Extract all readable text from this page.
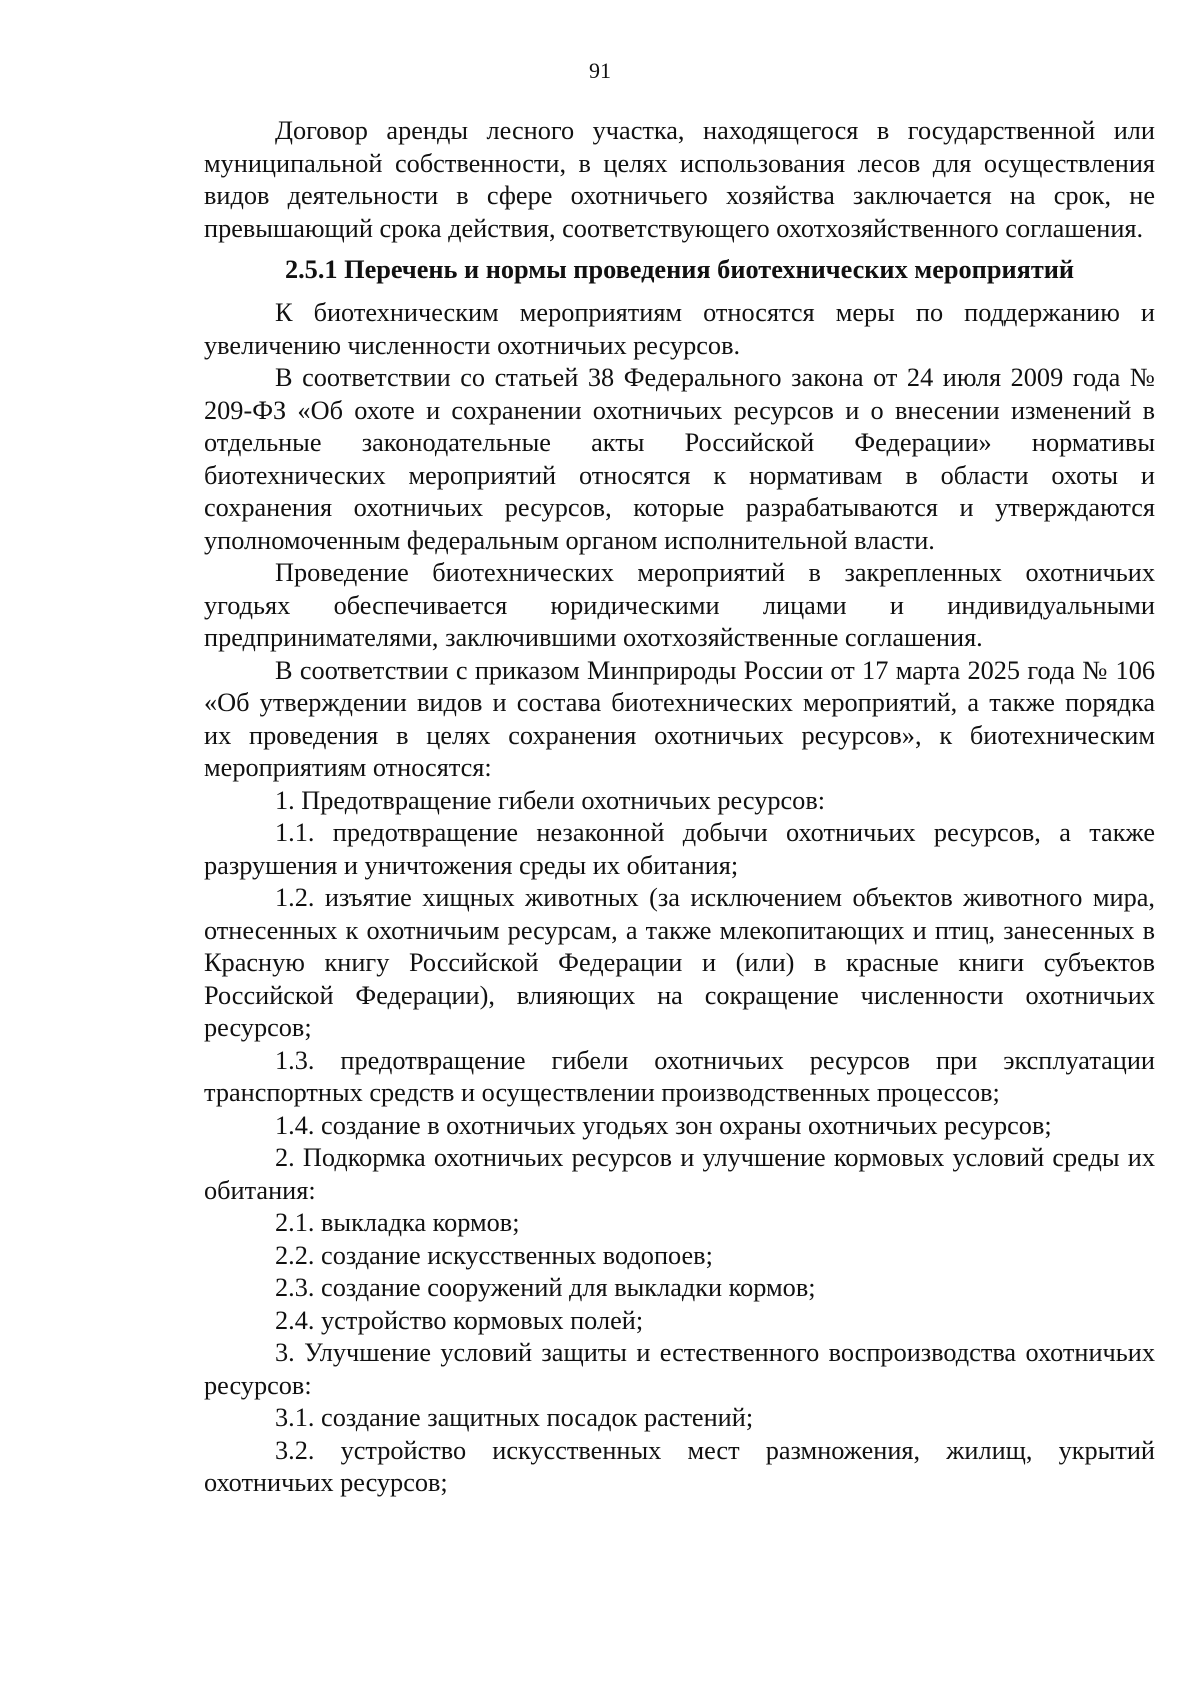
91

Договор аренды лесного участка, находящегося в государственной или муниципальной собственности, в целях использования лесов для осуществления видов деятельности в сфере охотничьего хозяйства заключается на срок, не превышающий срока действия, соответствующего охотхозяйственного соглашения.

2.5.1 Перечень и нормы проведения биотехнических мероприятий

К биотехническим мероприятиям относятся меры по поддержанию и увеличению численности охотничьих ресурсов.

В соответствии со статьей 38 Федерального закона от 24 июля 2009 года № 209-ФЗ «Об охоте и сохранении охотничьих ресурсов и о внесении изменений в отдельные законодательные акты Российской Федерации» нормативы биотехнических мероприятий относятся к нормативам в области охоты и сохранения охотничьих ресурсов, которые разрабатываются и утверждаются уполномоченным федеральным органом исполнительной власти.

Проведение биотехнических мероприятий в закрепленных охотничьих угодьях обеспечивается юридическими лицами и индивидуальными предпринимателями, заключившими охотхозяйственные соглашения.

В соответствии с приказом Минприроды России от 17 марта 2025 года № 106 «Об утверждении видов и состава биотехнических мероприятий, а также порядка их проведения в целях сохранения охотничьих ресурсов», к биотехническим мероприятиям относятся:

1. Предотвращение гибели охотничьих ресурсов:

1.1. предотвращение незаконной добычи охотничьих ресурсов, а также разрушения и уничтожения среды их обитания;

1.2. изъятие хищных животных (за исключением объектов животного мира, отнесенных к охотничьим ресурсам, а также млекопитающих и птиц, занесенных в Красную книгу Российской Федерации и (или) в красные книги субъектов Российской Федерации), влияющих на сокращение численности охотничьих ресурсов;

1.3. предотвращение гибели охотничьих ресурсов при эксплуатации транспортных средств и осуществлении производственных процессов;

1.4. создание в охотничьих угодьях зон охраны охотничьих ресурсов;

2. Подкормка охотничьих ресурсов и улучшение кормовых условий среды их обитания:

2.1. выкладка кормов;

2.2. создание искусственных водопоев;

2.3. создание сооружений для выкладки кормов;

2.4. устройство кормовых полей;

3. Улучшение условий защиты и естественного воспроизводства охотничьих ресурсов:

3.1. создание защитных посадок растений;

3.2. устройство искусственных мест размножения, жилищ, укрытий охотничьих ресурсов;
